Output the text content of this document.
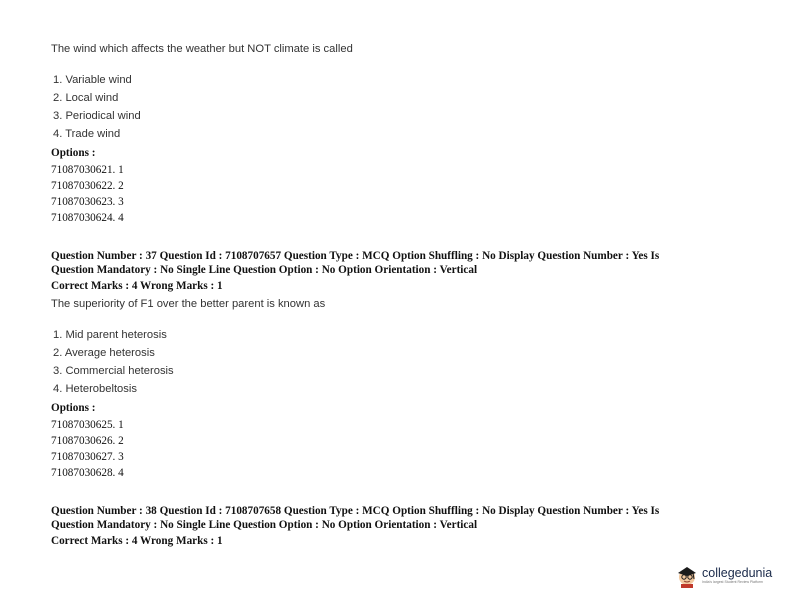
The wind which affects the weather but NOT climate is called
1. Variable wind
2. Local wind
3. Periodical wind
4. Trade wind
Options :
71087030621. 1
71087030622. 2
71087030623. 3
71087030624. 4
Question Number : 37 Question Id : 7108707657 Question Type : MCQ Option Shuffling : No Display Question Number : Yes Is
Question Mandatory : No Single Line Question Option : No Option Orientation : Vertical
Correct Marks : 4 Wrong Marks : 1
The superiority of F1 over the better parent is known as
1. Mid parent heterosis
2. Average heterosis
3. Commercial heterosis
4. Heterobeltosis
Options :
71087030625. 1
71087030626. 2
71087030627. 3
71087030628. 4
Question Number : 38 Question Id : 7108707658 Question Type : MCQ Option Shuffling : No Display Question Number : Yes Is
Question Mandatory : No Single Line Question Option : No Option Orientation : Vertical
Correct Marks : 4 Wrong Marks : 1
collegedunia
India's largest Student Review Platform
